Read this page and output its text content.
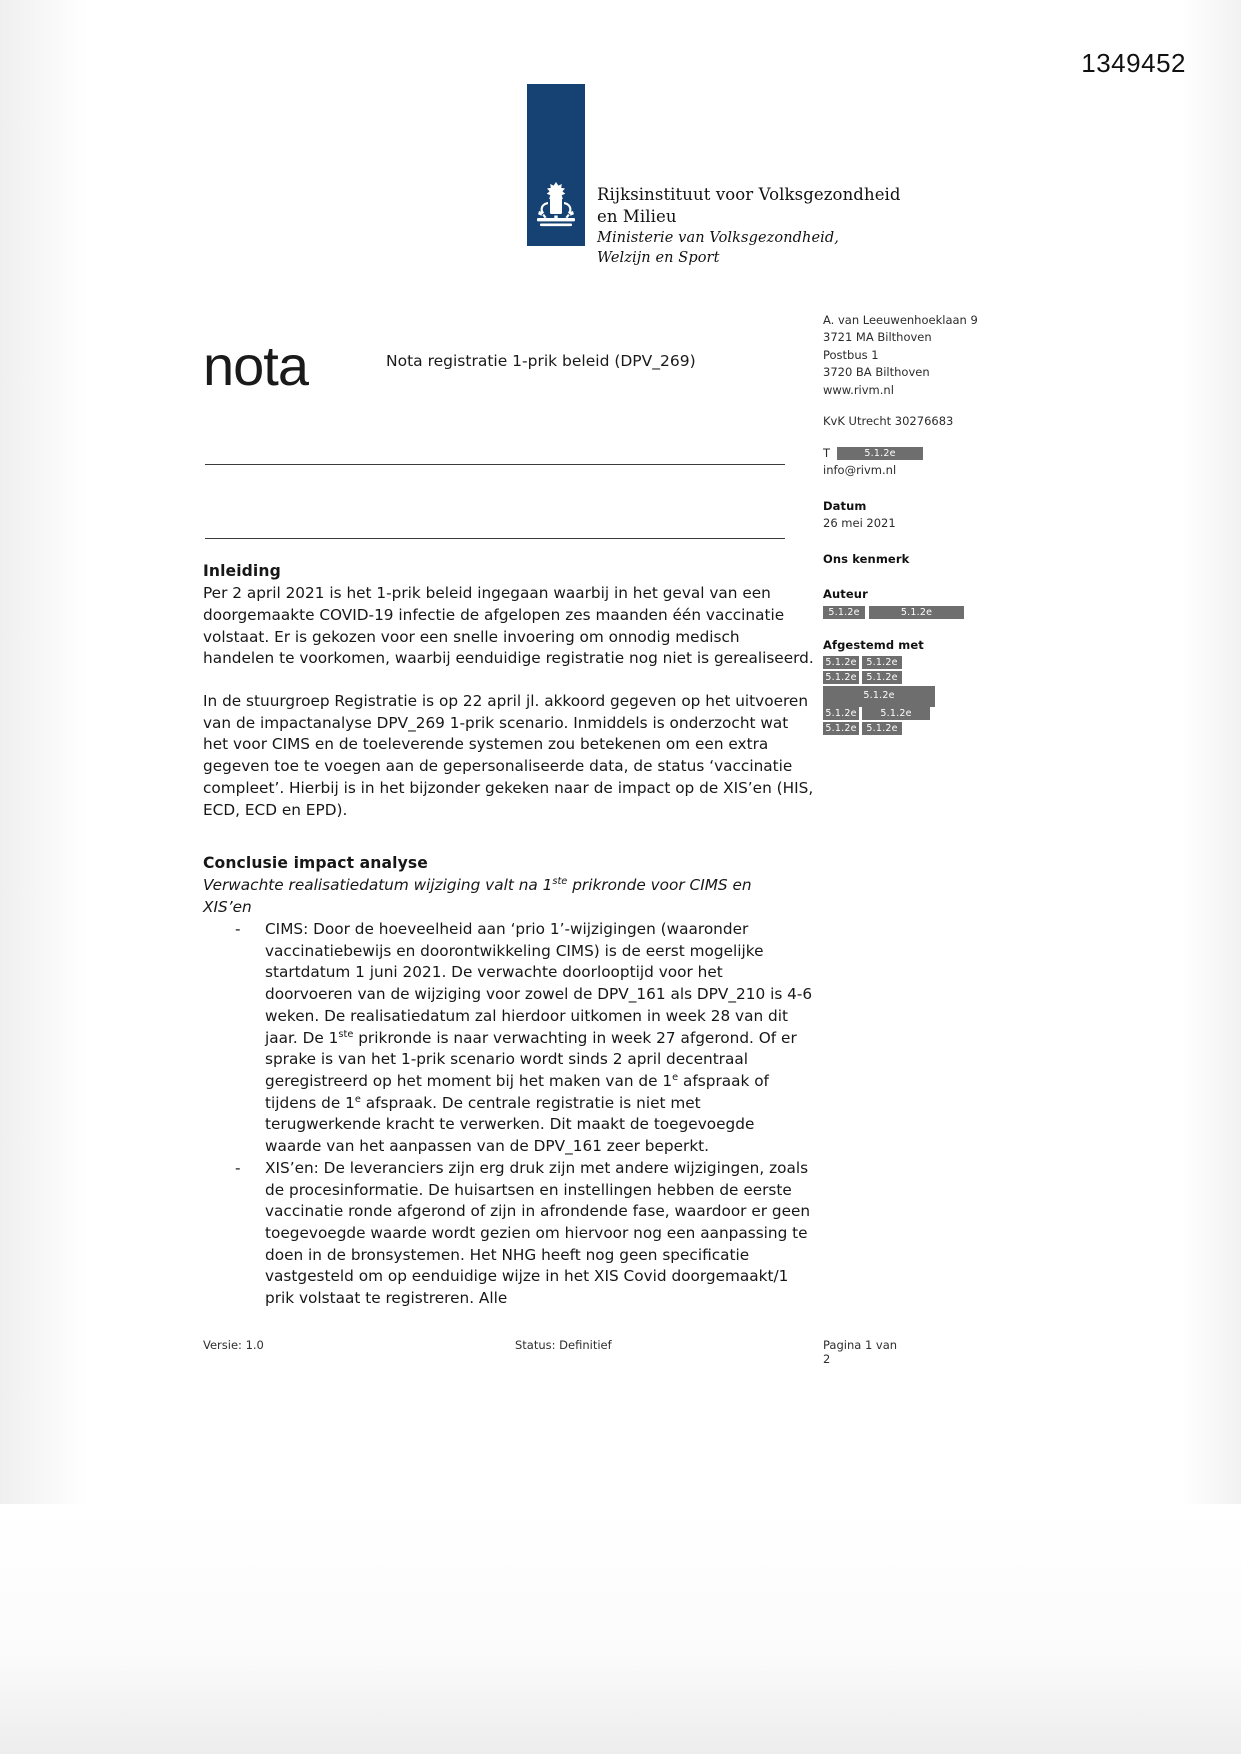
1349452
Rijksinstituut voor Volksgezondheid
en Milieu
Ministerie van Volksgezondheid,
Welzijn en Sport
nota	Nota registratie 1-prik beleid (DPV_269)
A. van Leeuwenhoeklaan 9
3721 MA Bilthoven
Postbus 1
3720 BA Bilthoven
www.rivm.nl
KvK Utrecht 30276683
T	5.1.2e
info@rivm.nl
Datum
26 mei 2021
Ons kenmerk
Auteur
5.1.2e	5.1.2e
Afgestemd met
5.1.2e	5.1.2e
5.1.2e	5.1.2e
5.1.2e
5.1.2e	5.1.2e
5.1.2e	5.1.2e
Inleiding

Per 2 april 2021 is het 1-prik beleid ingegaan waarbij in het geval van een doorgemaakte COVID-19 infectie de afgelopen zes maanden één vaccinatie volstaat. Er is gekozen voor een snelle invoering om onnodig medisch handelen te voorkomen, waarbij eenduidige registratie nog niet is gerealiseerd.

In de stuurgroep Registratie is op 22 april jl. akkoord gegeven op het uitvoeren van de impactanalyse DPV_269 1-prik scenario. Inmiddels is onderzocht wat het voor CIMS en de toeleverende systemen zou betekenen om een extra gegeven toe te voegen aan de gepersonaliseerde data, de status ‘vaccinatie compleet’. Hierbij is in het bijzonder gekeken naar de impact op de XIS’en (HIS, ECD, ECD en EPD).

Conclusie impact analyse

Verwachte realisatiedatum wijziging valt na 1ste prikronde voor CIMS en

XIS’en

- CIMS: Door de hoeveelheid aan ‘prio 1’-wijzigingen (waaronder vaccinatiebewijs en doorontwikkeling CIMS) is de eerst mogelijke startdatum 1 juni 2021. De verwachte doorlooptijd voor het doorvoeren van de wijziging voor zowel de DPV_161 als DPV_210 is 4-6 weken. De realisatiedatum zal hierdoor uitkomen in week 28 van dit jaar. De 1ste prikronde is naar verwachting in week 27 afgerond. Of er sprake is van het 1-prik scenario wordt sinds 2 april decentraal geregistreerd op het moment bij het maken van de 1e afspraak of tijdens de 1e afspraak. De centrale registratie is niet met terugwerkende kracht te verwerken. Dit maakt de toegevoegde waarde van het aanpassen van de DPV_161 zeer beperkt.
- XIS’en: De leveranciers zijn erg druk zijn met andere wijzigingen, zoals de procesinformatie. De huisartsen en instellingen hebben de eerste vaccinatie ronde afgerond of zijn in afrondende fase, waardoor er geen toegevoegde waarde wordt gezien om hiervoor nog een aanpassing te doen in de bronsystemen. Het NHG heeft nog geen specificatie vastgesteld om op eenduidige wijze in het XIS Covid doorgemaakt/1 prik volstaat te registreren. Alle
Versie: 1.0	Status: Definitief	Pagina 1 van 2
